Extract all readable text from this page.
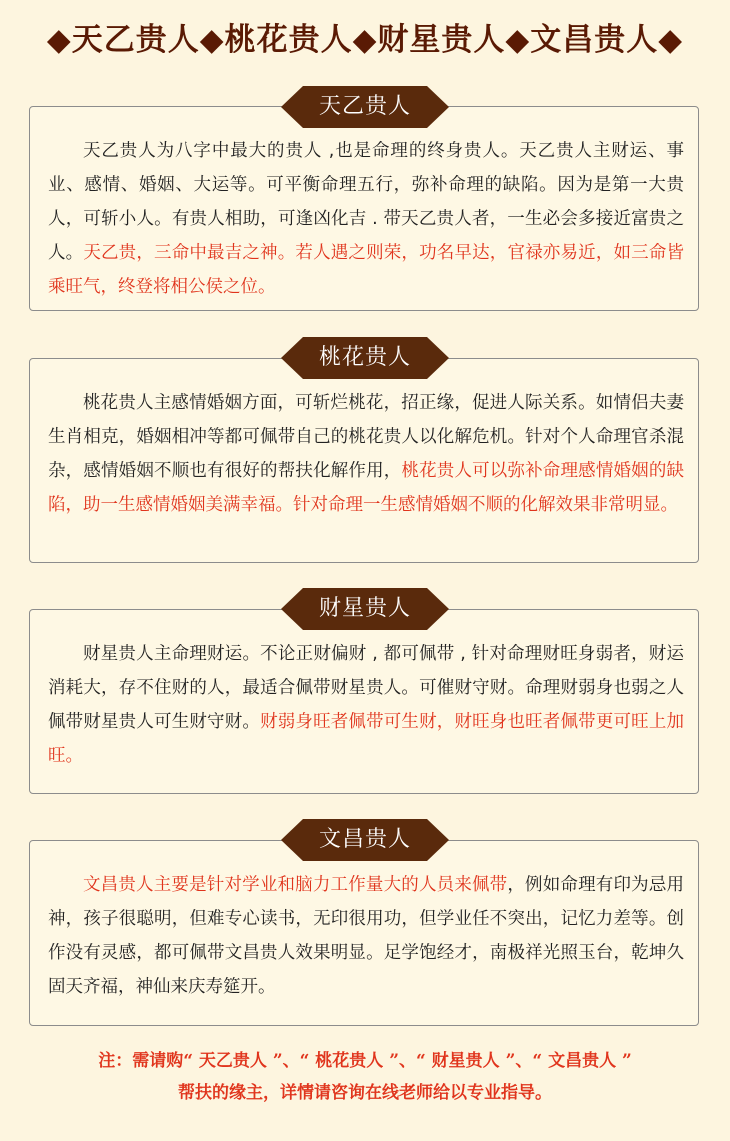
◆天乙贵人◆桃花贵人◆财星贵人◆文昌贵人◆
天乙贵人为八字中最大的贵人 ,也是命理的终身贵人。天乙贵人主财运、事业、感情、婚姻、大运等。可平衡命理五行，弥补命理的缺陷。因为是第一大贵人，可斩小人。有贵人相助，可逢凶化吉 . 带天乙贵人者，一生必会多接近富贵之人。天乙贵，三命中最吉之神。若人遇之则荣，功名早达，官禄亦易近，如三命皆乘旺气，终登将相公侯之位。
天乙贵人
桃花贵人主感情婚姻方面，可斩烂桃花，招正缘，促进人际关系。如情侣夫妻生肖相克，婚姻相冲等都可佩带自己的桃花贵人以化解危机。针对个人命理官杀混杂，感情婚姻不顺也有很好的帮扶化解作用，桃花贵人可以弥补命理感情婚姻的缺陷，助一生感情婚姻美满幸福。针对命理一生感情婚姻不顺的化解效果非常明显。
桃花贵人
财星贵人主命理财运。不论正财偏财 , 都可佩带 , 针对命理财旺身弱者，财运消耗大，存不住财的人，最适合佩带财星贵人。可催财守财。命理财弱身也弱之人佩带财星贵人可生财守财。财弱身旺者佩带可生财，财旺身也旺者佩带更可旺上加旺。
财星贵人
文昌贵人主要是针对学业和脑力工作量大的人员来佩带，例如命理有印为忌用神，孩子很聪明，但难专心读书，无印很用功，但学业任不突出，记忆力差等。创作没有灵感，都可佩带文昌贵人效果明显。足学饱经才，南极祥光照玉台，乾坤久固天齐福，神仙来庆寿筵开。
文昌贵人
注：需请购“ 天乙贵人 ”、“ 桃花贵人 ”、“ 财星贵人 ”、“ 文昌贵人 ”
帮扶的缘主，详情请咨询在线老师给以专业指导。
